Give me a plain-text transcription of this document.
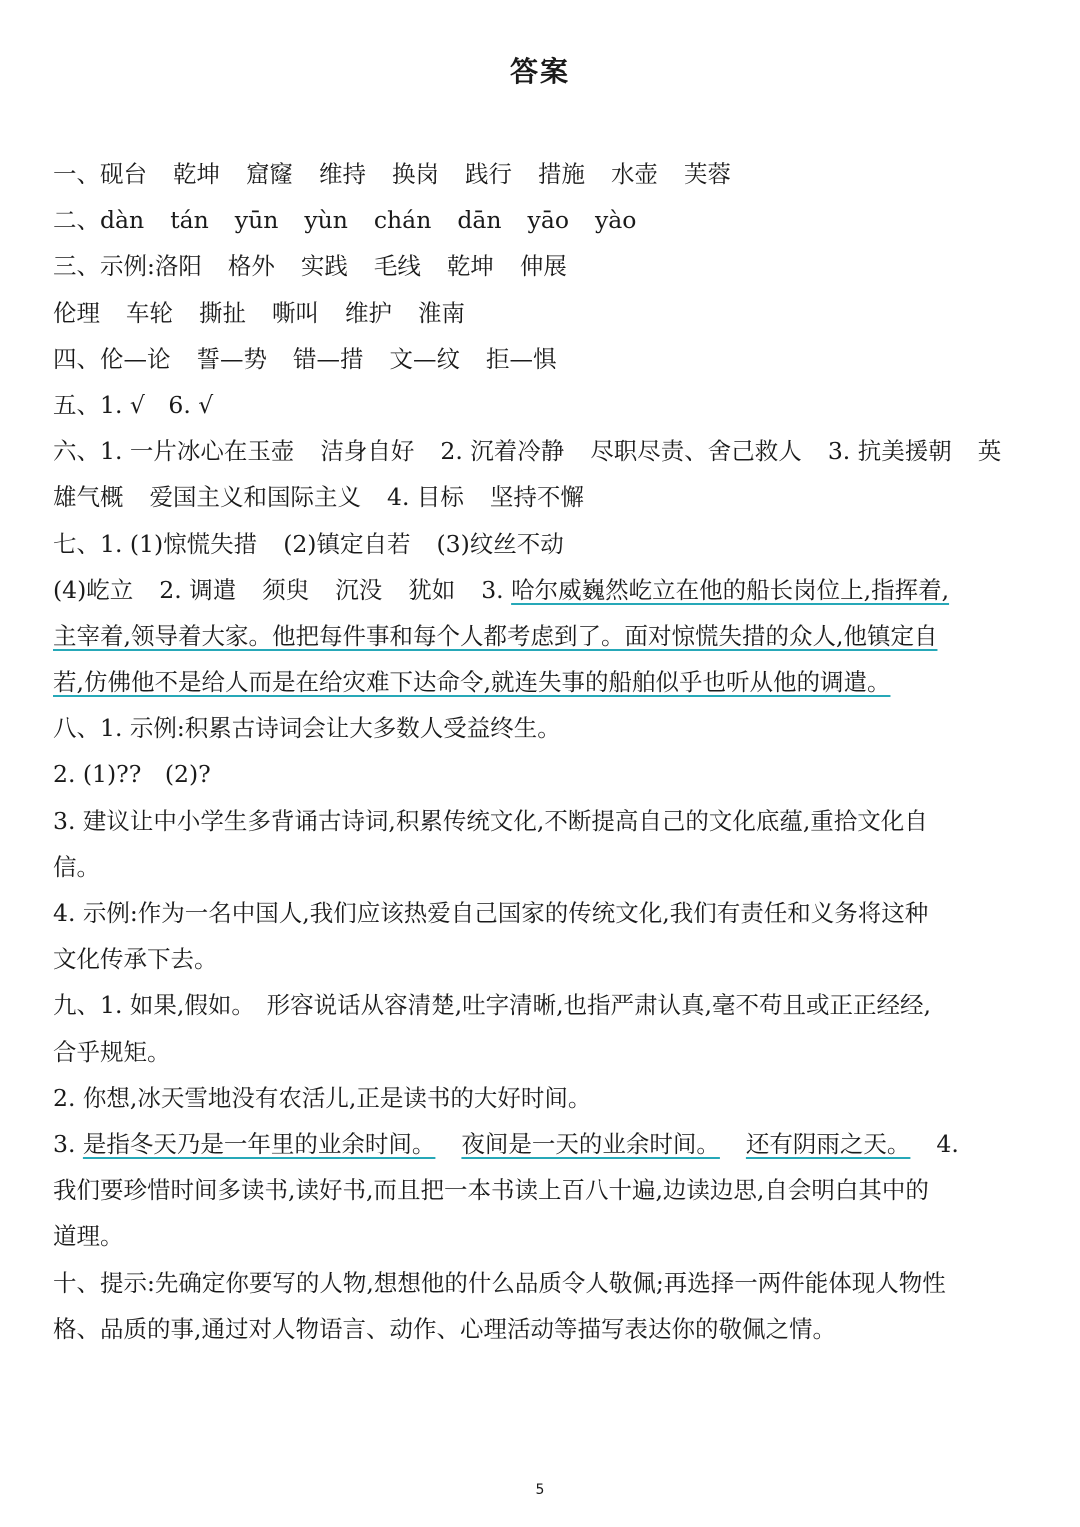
答案
一、砚台 乾坤 窟窿 维持 换岗 践行 措施 水壶 芙蓉
二、dàn tán yūn yùn chán dān yāo yào
三、示例:洛阳 格外 实践 毛线 乾坤 伸展
伦理 车轮 撕扯 嘶叫 维护 淮南
四、伦—论 誓—势 错—措 文—纹 拒—惧
五、1. √　6. √
六、1. 一片冰心在玉壶 洁身自好 2. 沉着冷静 尽职尽责、舍己救人 3. 抗美援朝 英
雄气概 爱国主义和国际主义 4. 目标 坚持不懈
七、1. (1)惊慌失措 (2)镇定自若 (3)纹丝不动
(4)屹立 2. 调遣 须臾 沉没 犹如 3. 哈尔威巍然屹立在他的船长岗位上,指挥着,
主宰着,领导着大家。他把每件事和每个人都考虑到了。面对惊慌失措的众人,他镇定自
若,仿佛他不是给人而是在给灾难下达命令,就连失事的船舶似乎也听从他的调遣。
八、1. 示例:积累古诗词会让大多数人受益终生。
2. (1)??　(2)?
3. 建议让中小学生多背诵古诗词,积累传统文化,不断提高自己的文化底蕴,重拾文化自
信。
4. 示例:作为一名中国人,我们应该热爱自己国家的传统文化,我们有责任和义务将这种
文化传承下去。
九、1. 如果,假如。　形容说话从容清楚,吐字清晰,也指严肃认真,毫不苟且或正正经经,
合乎规矩。
2. 你想,冰天雪地没有农活儿,正是读书的大好时间。
3. 是指冬天乃是一年里的业余时间。 夜间是一天的业余时间。 还有阴雨之天。 4.
我们要珍惜时间多读书,读好书,而且把一本书读上百八十遍,边读边思,自会明白其中的
道理。
十、提示:先确定你要写的人物,想想他的什么品质令人敬佩;再选择一两件能体现人物性
格、品质的事,通过对人物语言、动作、心理活动等描写表达你的敬佩之情。
5
